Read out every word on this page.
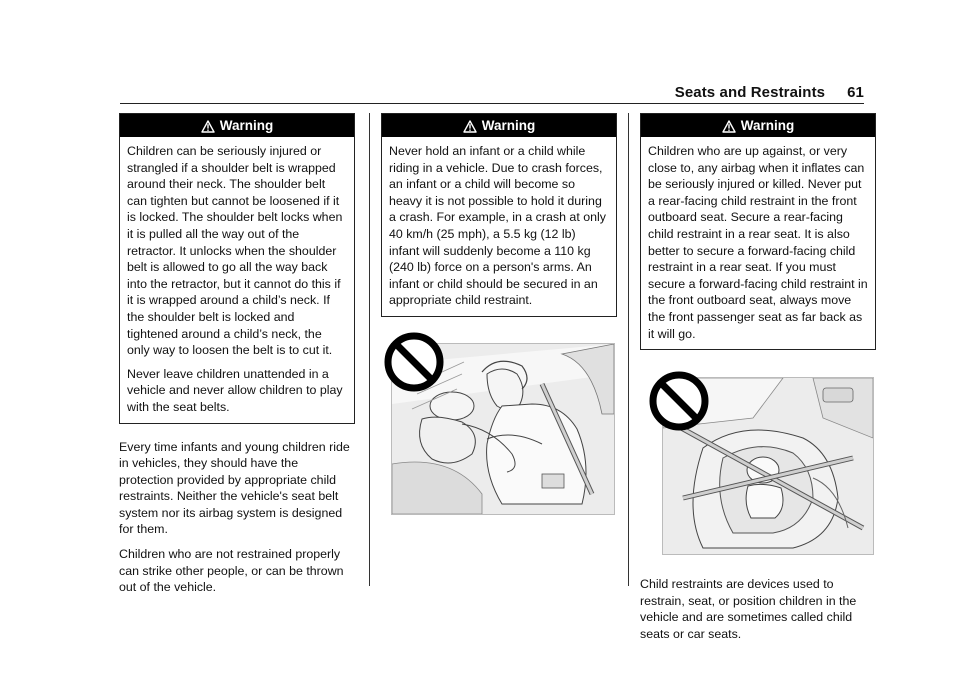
Seats and Restraints 61
Warning

Children can be seriously injured or strangled if a shoulder belt is wrapped around their neck. The shoulder belt can tighten but cannot be loosened if it is locked. The shoulder belt locks when it is pulled all the way out of the retractor. It unlocks when the shoulder belt is allowed to go all the way back into the retractor, but it cannot do this if it is wrapped around a child’s neck. If the shoulder belt is locked and tightened around a child’s neck, the only way to loosen the belt is to cut it.

Never leave children unattended in a vehicle and never allow children to play with the seat belts.

Every time infants and young children ride in vehicles, they should have the protection provided by appropriate child restraints. Neither the vehicle's seat belt system nor its airbag system is designed for them.

Children who are not restrained properly can strike other people, or can be thrown out of the vehicle.

Warning

Never hold an infant or a child while riding in a vehicle. Due to crash forces, an infant or a child will become so heavy it is not possible to hold it during a crash. For example, in a crash at only 40 km/h (25 mph), a 5.5 kg (12 lb) infant will suddenly become a 110 kg (240 lb) force on a person's arms. An infant or child should be secured in an appropriate child restraint.

Warning

Children who are up against, or very close to, any airbag when it inflates can be seriously injured or killed. Never put a rear-facing child restraint in the front outboard seat. Secure a rear-facing child restraint in a rear seat. It is also better to secure a forward-facing child restraint in a rear seat. If you must secure a forward-facing child restraint in the front outboard seat, always move the front passenger seat as far back as it will go.

Child restraints are devices used to restrain, seat, or position children in the vehicle and are sometimes called child seats or car seats.
